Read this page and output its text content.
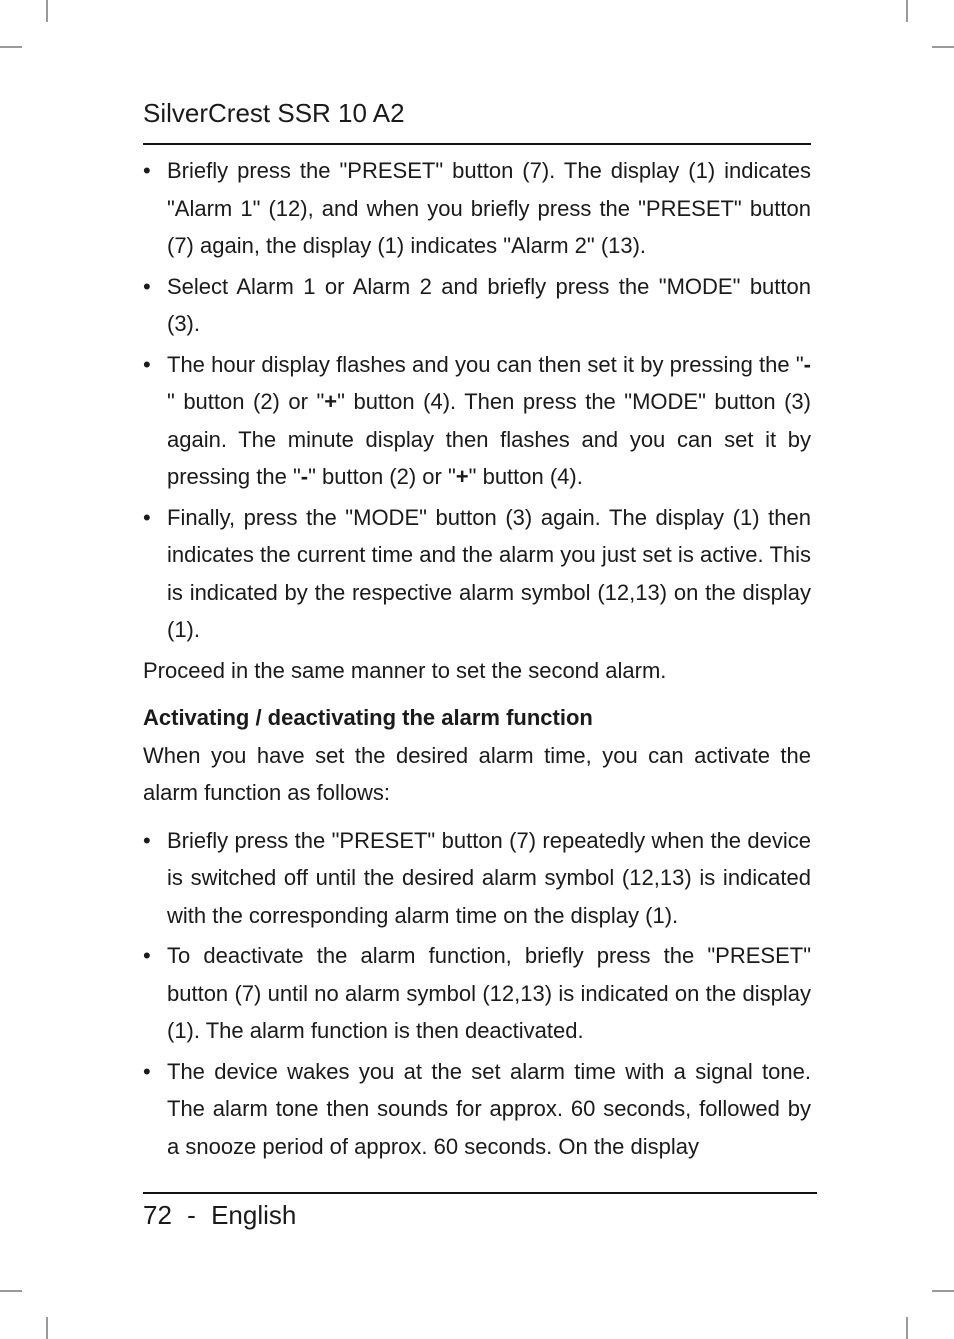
SilverCrest SSR 10 A2
• Briefly press the "PRESET" button (7). The display (1) indicates "Alarm 1" (12), and when you briefly press the "PRESET" button (7) again, the display (1) indicates "Alarm 2" (13).
• Select Alarm 1 or Alarm 2 and briefly press the "MODE" button (3).
• The hour display flashes and you can then set it by pressing the "-" button (2) or "+" button (4). Then press the "MODE" button (3) again. The minute display then flashes and you can set it by pressing the "-" button (2) or "+" button (4).
• Finally, press the "MODE" button (3) again. The display (1) then indicates the current time and the alarm you just set is active. This is indicated by the respective alarm symbol (12,13) on the display (1).
Proceed in the same manner to set the second alarm.
Activating / deactivating the alarm function
When you have set the desired alarm time, you can activate the alarm function as follows:
• Briefly press the "PRESET" button (7) repeatedly when the device is switched off until the desired alarm symbol (12,13) is indicated with the corresponding alarm time on the display (1).
• To deactivate the alarm function, briefly press the "PRESET" button (7) until no alarm symbol (12,13) is indicated on the display (1). The alarm function is then deactivated.
• The device wakes you at the set alarm time with a signal tone. The alarm tone then sounds for approx. 60 seconds, followed by a snooze period of approx. 60 seconds. On the display
72 - English
